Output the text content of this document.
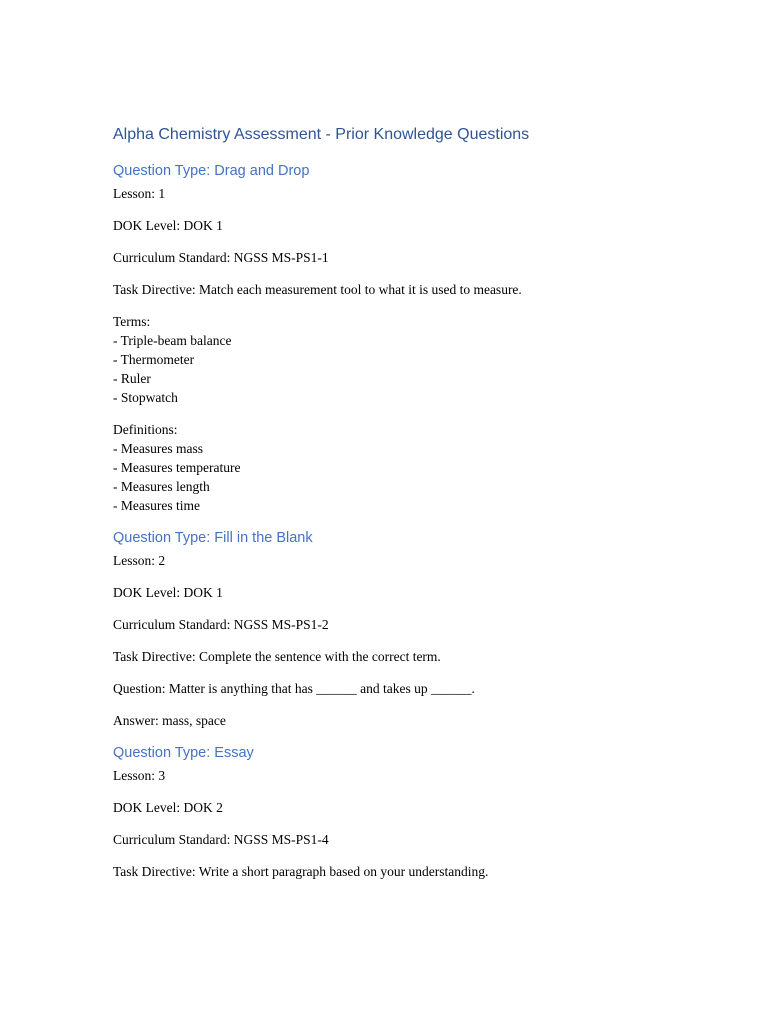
Alpha Chemistry Assessment - Prior Knowledge Questions
Question Type: Drag and Drop

Lesson: 1

DOK Level: DOK 1

Curriculum Standard: NGSS MS-PS1-1

Task Directive: Match each measurement tool to what it is used to measure.

Terms:

- Triple-beam balance

- Thermometer

- Ruler

- Stopwatch

Definitions:

- Measures mass

- Measures temperature

- Measures length

- Measures time

Question Type: Fill in the Blank

Lesson: 2

DOK Level: DOK 1

Curriculum Standard: NGSS MS-PS1-2

Task Directive: Complete the sentence with the correct term.

Question: Matter is anything that has ______ and takes up ______.

Answer: mass, space

Question Type: Essay

Lesson: 3

DOK Level: DOK 2

Curriculum Standard: NGSS MS-PS1-4

Task Directive: Write a short paragraph based on your understanding.
